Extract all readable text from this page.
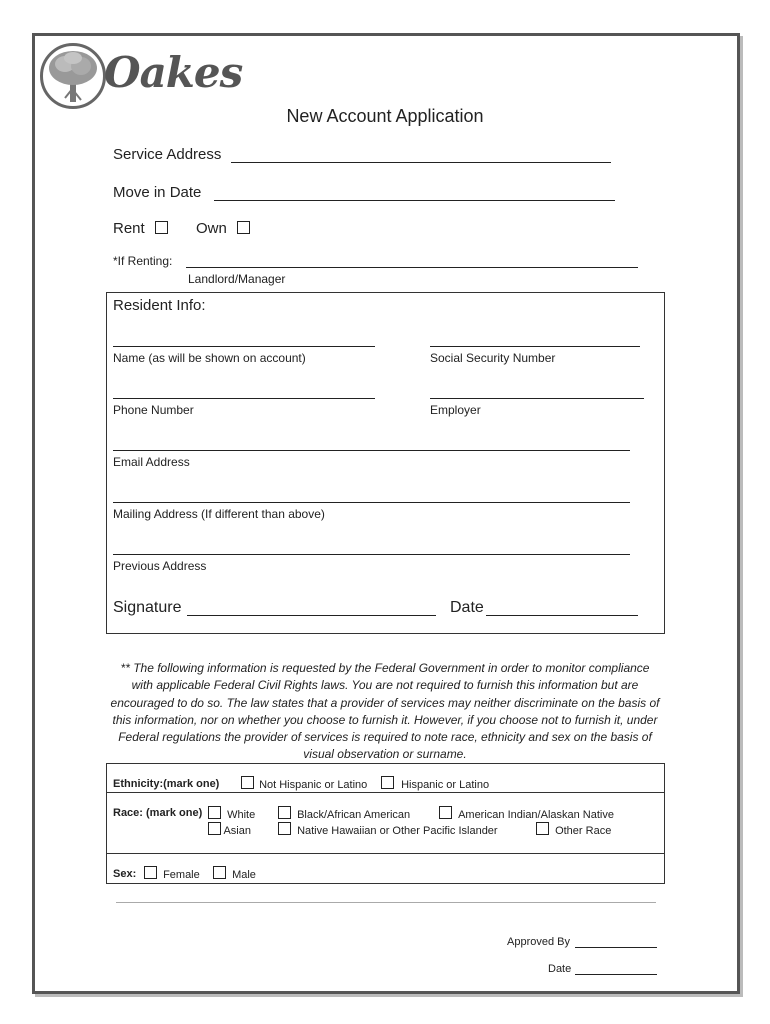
Oakes
New Account Application
Service Address
Move in Date
Rent	Own
*If Renting:
Landlord/Manager
Resident Info:
Name (as will be shown on account)	Social Security Number
Phone Number	Employer
Email Address
Mailing Address (If different than above)
Previous Address
Signature	Date
** The following information is requested by the Federal Government in order to monitor compliance with applicable Federal Civil Rights laws. You are not required to furnish this information but are encouraged to do so. The law states that a provider of services may neither discriminate on the basis of this information, nor on whether you choose to furnish it. However, if you choose not to furnish it, under Federal regulations the provider of services is required to note race, ethnicity and sex on the basis of visual observation or surname.
Ethnicity:(mark one)	Not Hispanic or Latino	Hispanic or Latino
Race: (mark one)	White	Black/African American	American Indian/Alaskan Native
Asian	Native Hawaiian or Other Pacific Islander	Other Race
Sex:	Female	Male
Approved By
Date
